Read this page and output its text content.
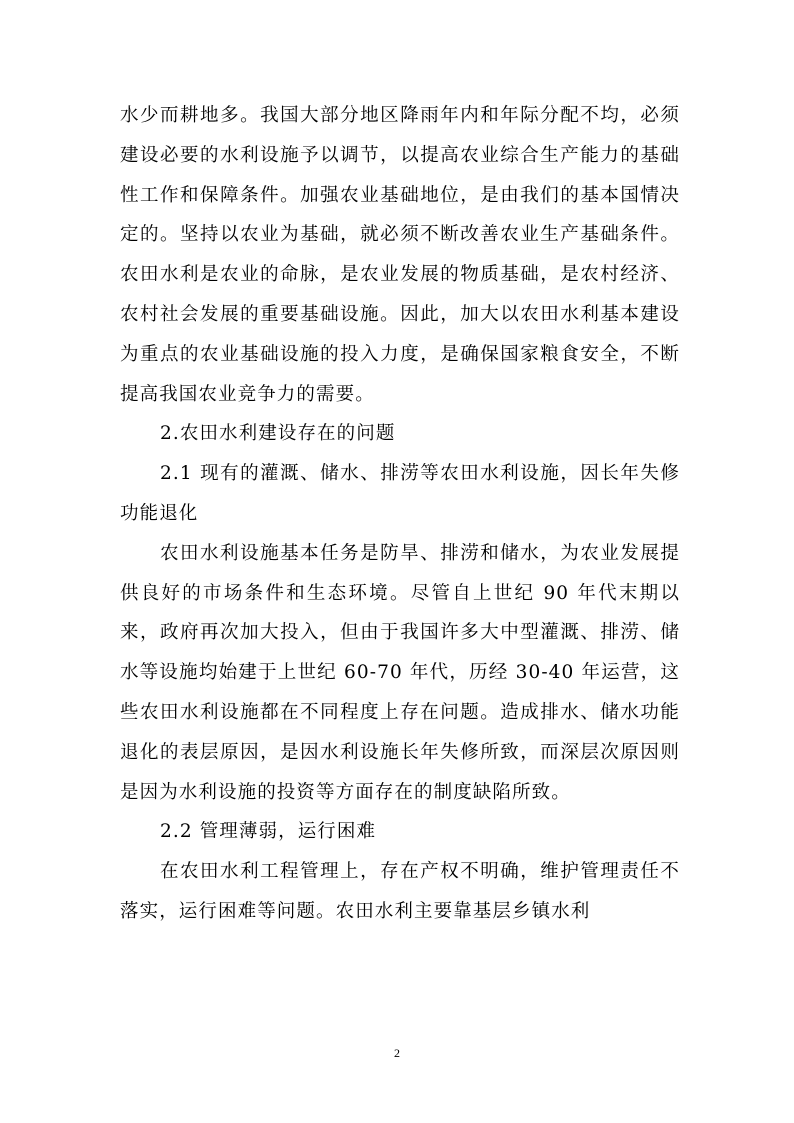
水少而耕地多。我国大部分地区降雨年内和年际分配不均，必须建设必要的水利设施予以调节，以提高农业综合生产能力的基础性工作和保障条件。加强农业基础地位，是由我们的基本国情决定的。坚持以农业为基础，就必须不断改善农业生产基础条件。农田水利是农业的命脉，是农业发展的物质基础，是农村经济、农村社会发展的重要基础设施。因此，加大以农田水利基本建设为重点的农业基础设施的投入力度，是确保国家粮食安全，不断提高我国农业竞争力的需要。

2.农田水利建设存在的问题

2.1 现有的灌溉、储水、排涝等农田水利设施，因长年失修功能退化

农田水利设施基本任务是防旱、排涝和储水，为农业发展提供良好的市场条件和生态环境。尽管自上世纪 90 年代末期以来，政府再次加大投入，但由于我国许多大中型灌溉、排涝、储水等设施均始建于上世纪 60-70 年代，历经 30-40 年运营，这些农田水利设施都在不同程度上存在问题。造成排水、储水功能退化的表层原因，是因水利设施长年失修所致，而深层次原因则是因为水利设施的投资等方面存在的制度缺陷所致。

2.2 管理薄弱，运行困难

在农田水利工程管理上，存在产权不明确，维护管理责任不落实，运行困难等问题。农田水利主要靠基层乡镇水利

2
